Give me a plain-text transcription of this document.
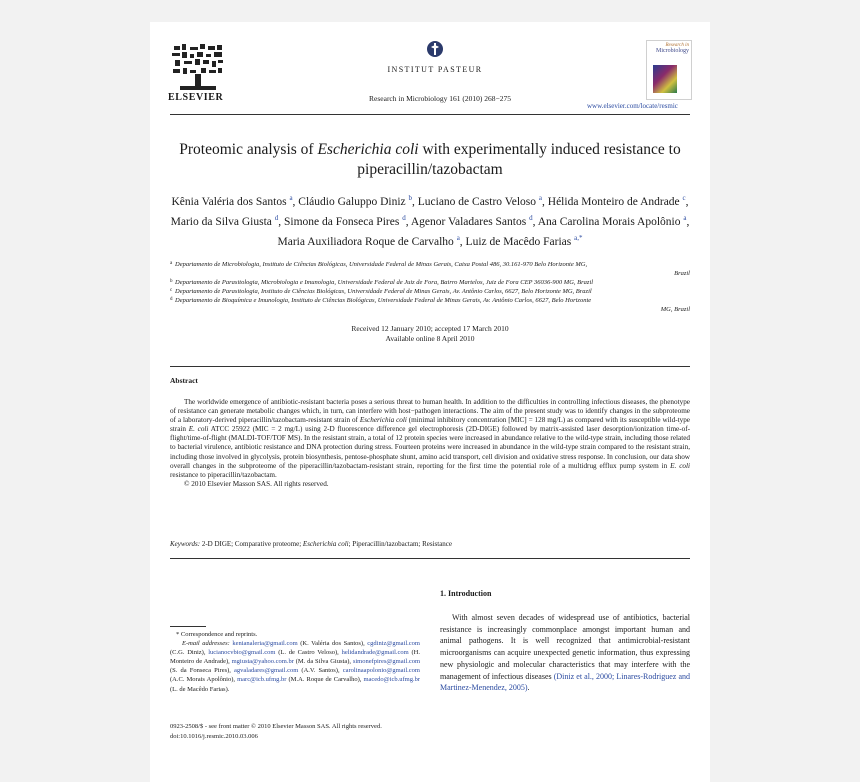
ELSEVIER
INSTITUT PASTEUR
Research in Microbiology 161 (2010) 268−275
Research in
Microbiology
www.elsevier.com/locate/resmic
Proteomic analysis of Escherichia coli with experimentally induced resistance to piperacillin/tazobactam
Kênia Valéria dos Santos $^a$, Cláudio Galuppo Diniz $^b$, Luciano de Castro Veloso $^a$, Hélida Monteiro de Andrade $^c$, Mario da Silva Giusta $^d$, Simone da Fonseca Pires $^d$, Agenor Valadares Santos $^d$, Ana Carolina Morais Apolônio $^a$, Maria Auxiliadora Roque de Carvalho $^a$, Luiz de Macêdo Farias $^{a,*}$
a Departamento de Microbiologia, Instituto de Ciências Biológicas, Universidade Federal de Minas Gerais, Caixa Postal 486, 30.161-970 Belo Horizonte MG,
Brazil
b Departamento de Parasitologia, Microbiologia e Imunologia, Universidade Federal de Juiz de Fora, Bairro Martelos, Juiz de Fora CEP 36036-900 MG, Brazil
c Departamento de Parasitologia, Instituto de Ciências Biológicas, Universidade Federal de Minas Gerais, Av. Antônio Carlos, 6627, Belo Horizonte MG, Brazil
d Departamento de Bioquímica e Imunologia, Instituto de Ciências Biológicas, Universidade Federal de Minas Gerais, Av. Antônio Carlos, 6627, Belo Horizonte
MG, Brazil
Received 12 January 2010; accepted 17 March 2010
Available online 8 April 2010
Abstract

The worldwide emergence of antibiotic-resistant bacteria poses a serious threat to human health. In addition to the difficulties in controlling infectious diseases, the phenotype of resistance can generate metabolic changes which, in turn, can interfere with host−pathogen interactions. The aim of the present study was to identify changes in the subproteome of a laboratory-derived piperacillin/tazobactam-resistant strain of Escherichia coli (minimal inhibitory concentration [MIC] = 128 mg/L) as compared with its susceptible wild-type strain E. coli ATCC 25922 (MIC = 2 mg/L) using 2-D fluorescence difference gel electrophoresis (2D-DIGE) followed by matrix-assisted laser desorption/ionization time-of-flight/time-of-flight (MALDI-TOF/TOF MS). In the resistant strain, a total of 12 protein species were increased in abundance relative to the wild-type strain, including those related to bacterial virulence, antibiotic resistance and DNA protection during stress. Fourteen proteins were increased in abundance in the wild-type strain compared to the resistant strain, including those involved in glycolysis, protein biosynthesis, pentose-phosphate shunt, amino acid transport, cell division and oxidative stress response. In conclusion, our data show overall changes in the subproteome of the piperacillin/tazobactam-resistant strain, reporting for the first time the potential role of a multidrug efflux pump system in E. coli resistance to piperacillin/tazobactam.

© 2010 Elsevier Masson SAS. All rights reserved.

Keywords: 2-D DIGE; Comparative proteome; Escherichia coli; Piperacillin/tazobactam; Resistance
1. Introduction

With almost seven decades of widespread use of antibiotics, bacterial resistance is increasingly commonplace amongst important human and animal pathogens. It is well recognized that antimicrobial-resistant microorganisms can acquire unexpected genetic information, thus expressing new physiologic and molecular characteristics that may interfere with the management of infectious diseases (Diniz et al., 2000; Linares-Rodriguez and Martinez-Menendez, 2005).

* Correspondence and reprints.

E-mail addresses: kenianaleria@gmail.com (K. Valéria dos Santos), cgdiniz@gmail.com (C.G. Diniz), lucianocvbio@gmail.com (L. de Castro Veloso), helidandrade@gmail.com (H. Monteiro de Andrade), mgiusta@yahoo.com.br (M. da Silva Giusta), simonefpires@gmail.com (S. da Fonseca Pires), agvaladares@gmail.com (A.V. Santos), carolinaapolonio@gmail.com (A.C. Morais Apolônio), marc@icb.ufmg.br (M.A. Roque de Carvalho), macedo@icb.ufmg.br (L. de Macêdo Farias).

0923-2508/$ - see front matter © 2010 Elsevier Masson SAS. All rights reserved.
doi:10.1016/j.resmic.2010.03.006
